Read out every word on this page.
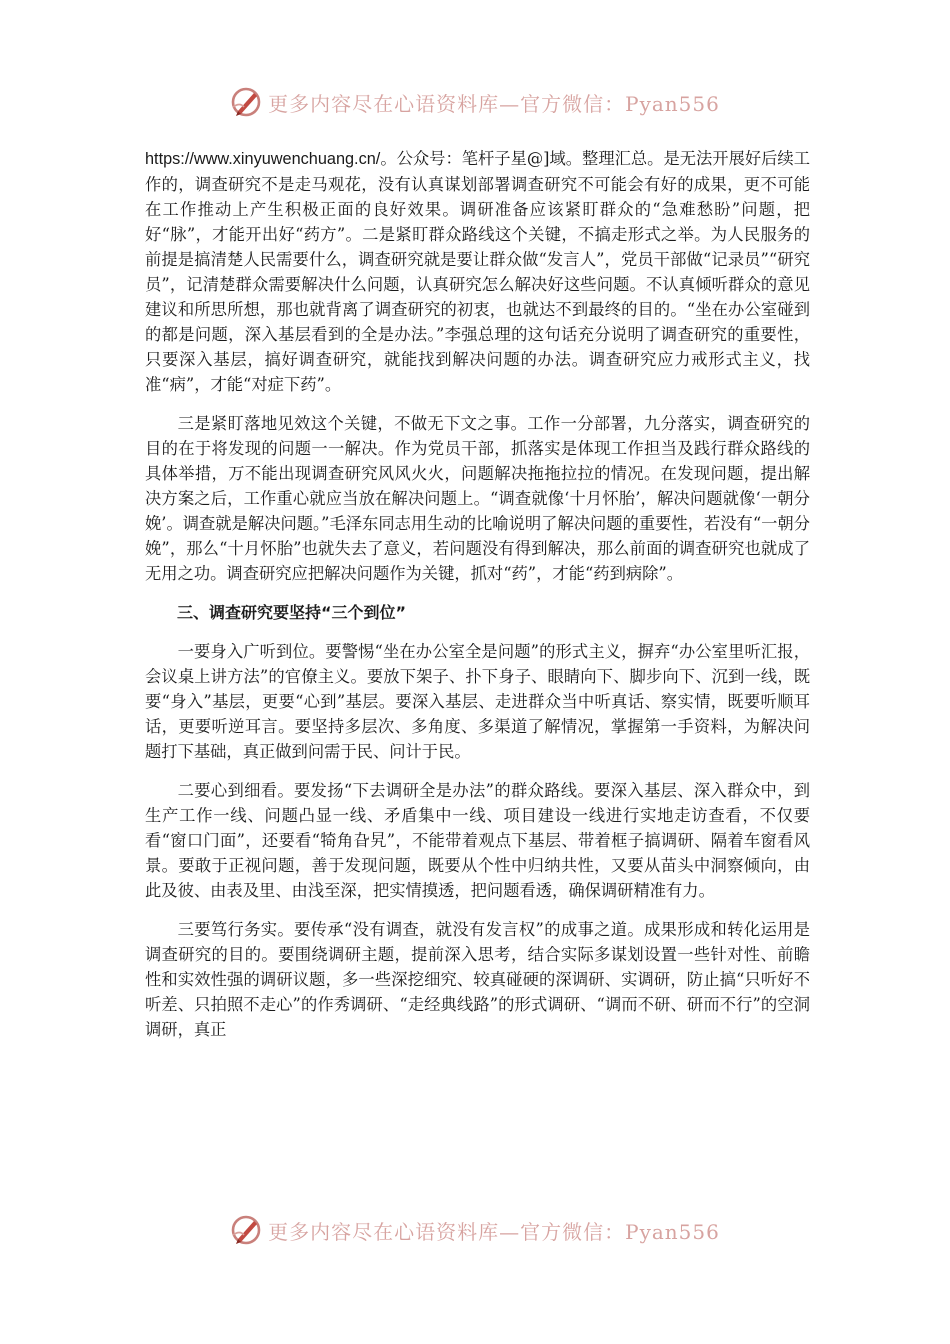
更多内容尽在心语资料库—官方微信：Pyan556

https://www.xinyuwenchuang.cn/。公众号：笔杆子星@]域。整理汇总。是无法开展好后续工作的，调查研究不是走马观花，没有认真谋划部署调查研究不可能会有好的成果，更不可能在工作推动上产生积极正面的良好效果。调研准备应该紧盯群众的“急难愁盼”问题，把好“脉”，才能开出好“药方”。二是紧盯群众路线这个关键，不搞走形式之举。为人民服务的前提是搞清楚人民需要什么，调查研究就是要让群众做“发言人”，党员干部做“记录员”“研究员”，记清楚群众需要解决什么问题，认真研究怎么解决好这些问题。不认真倾听群众的意见建议和所思所想，那也就背离了调查研究的初衷，也就达不到最终的目的。“坐在办公室碰到的都是问题，深入基层看到的全是办法。”李强总理的这句话充分说明了调查研究的重要性，只要深入基层，搞好调查研究，就能找到解决问题的办法。调查研究应力戒形式主义，找准“病”，才能“对症下药”。

三是紧盯落地见效这个关键，不做无下文之事。工作一分部署，九分落实，调查研究的目的在于将发现的问题一一解决。作为党员干部，抓落实是体现工作担当及践行群众路线的具体举措，万不能出现调查研究风风火火，问题解决拖拖拉拉的情况。在发现问题，提出解决方案之后，工作重心就应当放在解决问题上。“调查就像‘十月怀胎’，解决问题就像‘一朝分娩’。调查就是解决问题。”毛泽东同志用生动的比喻说明了解决问题的重要性，若没有“一朝分娩”，那么“十月怀胎”也就失去了意义，若问题没有得到解决，那么前面的调查研究也就成了无用之功。调查研究应把解决问题作为关键，抓对“药”，才能“药到病除”。

三、调查研究要坚持“三个到位”

一要身入广听到位。要警惕“坐在办公室全是问题”的形式主义，摒弃“办公室里听汇报，会议桌上讲方法”的官僚主义。要放下架子、扑下身子、眼睛向下、脚步向下、沉到一线，既要“身入”基层，更要“心到”基层。要深入基层、走进群众当中听真话、察实情，既要听顺耳话，更要听逆耳言。要坚持多层次、多角度、多渠道了解情况，掌握第一手资料，为解决问题打下基础，真正做到问需于民、问计于民。

二要心到细看。要发扬“下去调研全是办法”的群众路线。要深入基层、深入群众中，到生产工作一线、问题凸显一线、矛盾集中一线、项目建设一线进行实地走访查看，不仅要看“窗口门面”，还要看“犄角旮旯”，不能带着观点下基层、带着框子搞调研、隔着车窗看风景。要敢于正视问题，善于发现问题，既要从个性中归纳共性，又要从苗头中洞察倾向，由此及彼、由表及里、由浅至深，把实情摸透，把问题看透，确保调研精准有力。

三要笃行务实。要传承“没有调查，就没有发言权”的成事之道。成果形成和转化运用是调查研究的目的。要围绕调研主题，提前深入思考，结合实际多谋划设置一些针对性、前瞻性和实效性强的调研议题，多一些深挖细究、较真碰硬的深调研、实调研，防止搞“只听好不听差、只拍照不走心”的作秀调研、“走经典线路”的形式调研、“调而不研、研而不行”的空洞调研，真正

更多内容尽在心语资料库—官方微信：Pyan556
